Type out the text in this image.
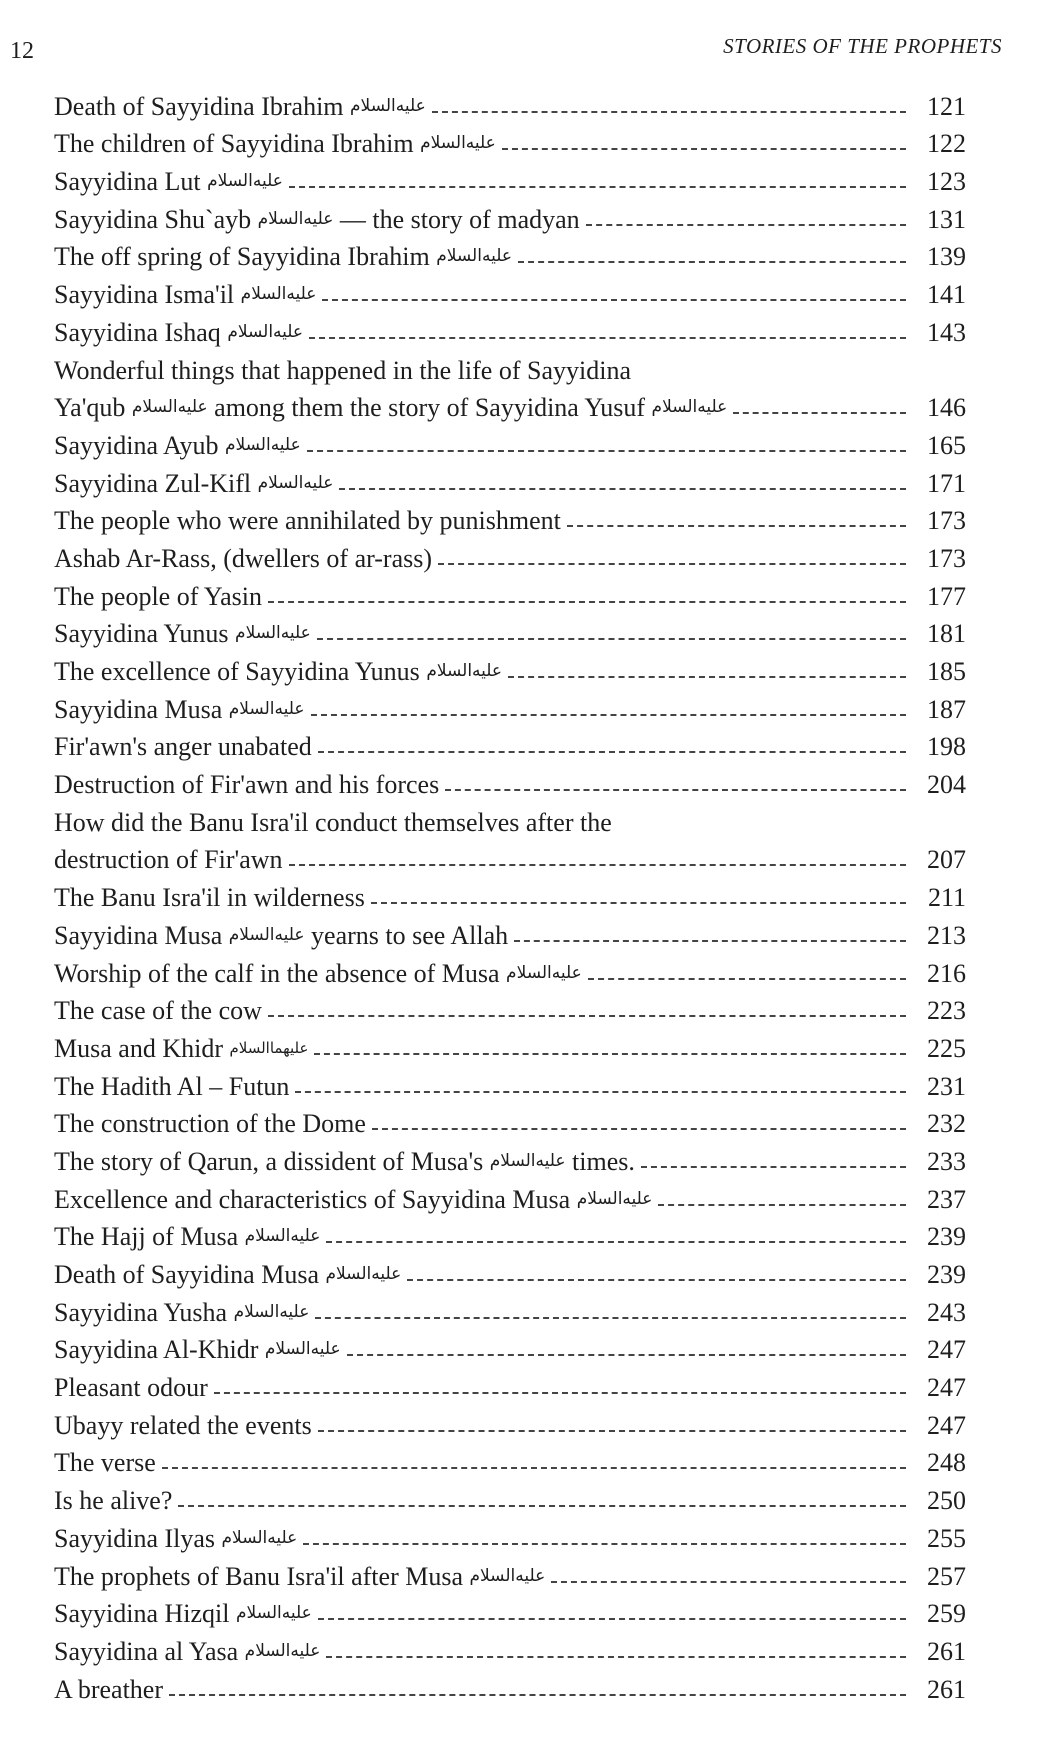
12	STORIES OF THE PROPHETS
Death of Sayyidina Ibrahim عليه‌السلام	121
The children of Sayyidina Ibrahim عليه‌السلام	122
Sayyidina Lut عليه‌السلام	123
Sayyidina Shu`ayb عليه‌السلام — the story of madyan	131
The off spring of Sayyidina Ibrahim عليه‌السلام	139
Sayyidina Isma'il عليه‌السلام	141
Sayyidina Ishaq عليه‌السلام	143
Wonderful things that happened in the life of Sayyidina
Ya'qub عليه‌السلام among them the story of Sayyidina Yusuf عليه‌السلام	146
Sayyidina Ayub عليه‌السلام	165
Sayyidina Zul-Kifl عليه‌السلام	171
The people who were annihilated by punishment	173
Ashab Ar-Rass, (dwellers of ar-rass)	173
The people of Yasin	177
Sayyidina Yunus عليه‌السلام	181
The excellence of Sayyidina Yunus عليه‌السلام	185
Sayyidina Musa عليه‌السلام	187
Fir'awn's anger unabated	198
Destruction of Fir'awn and his forces	204
How did the Banu Isra'il conduct themselves after the
destruction of Fir'awn	207
The Banu Isra'il in wilderness	211
Sayyidina Musa عليه‌السلام yearns to see Allah	213
Worship of the calf in the absence of Musa عليه‌السلام	216
The case of the cow	223
Musa and Khidr عليهماالسلام	225
The Hadith Al – Futun	231
The construction of the Dome	232
The story of Qarun, a dissident of Musa's عليه‌السلام times.	233
Excellence and characteristics of Sayyidina Musa عليه‌السلام	237
The Hajj of Musa عليه‌السلام	239
Death of Sayyidina Musa عليه‌السلام	239
Sayyidina Yusha عليه‌السلام	243
Sayyidina Al-Khidr عليه‌السلام	247
Pleasant odour	247
Ubayy related the events	247
The verse	248
Is he alive?	250
Sayyidina Ilyas عليه‌السلام	255
The prophets of Banu Isra'il after Musa عليه‌السلام	257
Sayyidina Hizqil عليه‌السلام	259
Sayyidina al Yasa عليه‌السلام	261
A breather	261
